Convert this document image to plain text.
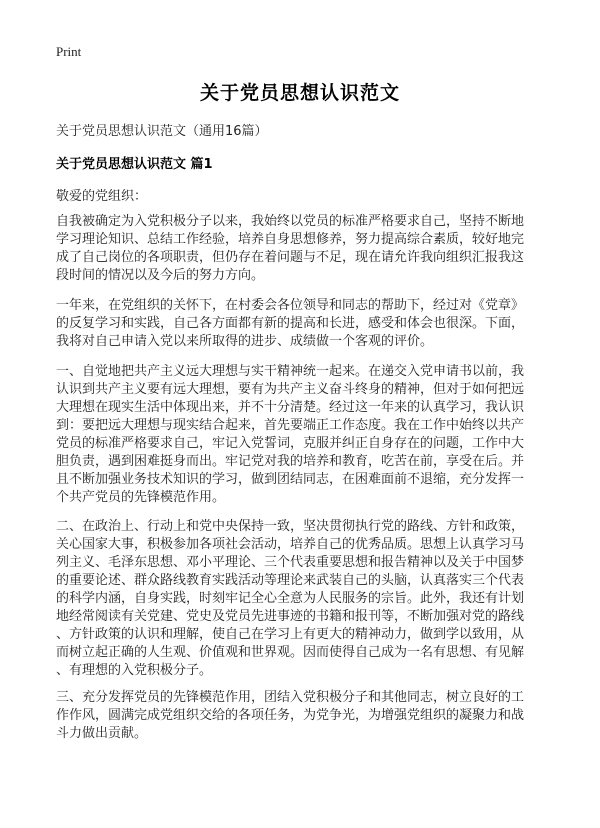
Print
关于党员思想认识范文
关于党员思想认识范文（通用16篇）
关于党员思想认识范文 篇1
敬爱的党组织：
自我被确定为入党积极分子以来，我始终以党员的标准严格要求自己，坚持不断地
学习理论知识、总结工作经验，培养自身思想修养，努力提高综合素质，较好地完
成了自己岗位的各项职责，但仍存在着问题与不足，现在请允许我向组织汇报我这
段时间的情况以及今后的努力方向。
一年来，在党组织的关怀下，在村委会各位领导和同志的帮助下，经过对《党章》
的反复学习和实践，自己各方面都有新的提高和长进，感受和体会也很深。下面，
我将对自己申请入党以来所取得的进步、成绩做一个客观的评价。
一、自觉地把共产主义远大理想与实干精神统一起来。在递交入党申请书以前，我
认识到共产主义要有远大理想，要有为共产主义奋斗终身的精神，但对于如何把远
大理想在现实生活中体现出来，并不十分清楚。经过这一年来的认真学习，我认识
到：要把远大理想与现实结合起来，首先要端正工作态度。我在工作中始终以共产
党员的标准严格要求自己，牢记入党誓词，克服并纠正自身存在的问题，工作中大
胆负责，遇到困难挺身而出。牢记党对我的培养和教育，吃苦在前，享受在后。并
且不断加强业务技术知识的学习，做到团结同志，在困难面前不退缩，充分发挥一
个共产党员的先锋模范作用。
二、在政治上、行动上和党中央保持一致，坚决贯彻执行党的路线、方针和政策，
关心国家大事，积极参加各项社会活动，培养自己的优秀品质。思想上认真学习马
列主义、毛泽东思想、邓小平理论、三个代表重要思想和报告精神以及关于中国梦
的重要论述、群众路线教育实践活动等理论来武装自己的头脑，认真落实三个代表
的科学内涵，自身实践，时刻牢记全心全意为人民服务的宗旨。此外，我还有计划
地经常阅读有关党建、党史及党员先进事迹的书籍和报刊等，不断加强对党的路线
、方针政策的认识和理解，使自己在学习上有更大的精神动力，做到学以致用，从
而树立起正确的人生观、价值观和世界观。因而使得自己成为一名有思想、有见解
、有理想的入党积极分子。
三、充分发挥党员的先锋模范作用，团结入党积极分子和其他同志，树立良好的工
作作风，圆满完成党组织交给的各项任务，为党争光，为增强党组织的凝聚力和战
斗力做出贡献。
